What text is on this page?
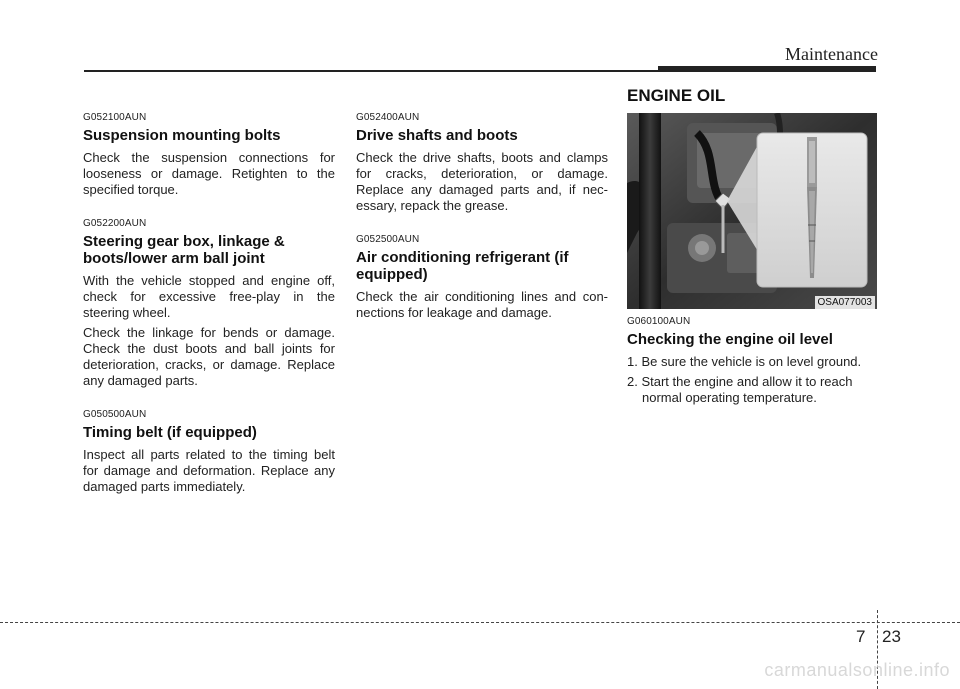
Maintenance
G052100AUN
Suspension mounting bolts

Check the suspension connections for looseness or damage. Retighten to the specified torque.

G052200AUN
Steering gear box, linkage & boots/lower arm ball joint

With the vehicle stopped and engine off, check for excessive free-play in the steering wheel.

Check the linkage for bends or damage. Check the dust boots and ball joints for deterioration, cracks, or damage. Replace any damaged parts.

G050500AUN
Timing belt (if equipped)

Inspect all parts related to the timing belt for damage and deformation. Replace any damaged parts immediately.

G052400AUN
Drive shafts and boots

Check the drive shafts, boots and clamps for cracks, deterioration, or damage. Replace any damaged parts and, if nec-essary, repack the grease.

G052500AUN
Air conditioning refrigerant (if equipped)

Check the air conditioning lines and con-nections for leakage and damage.

ENGINE OIL
OSA077003
G060100AUN
Checking the engine oil level
1. Be sure the vehicle is on level ground.
2. Start the engine and allow it to reach normal operating temperature.
7 23
carmanualsonline.info
